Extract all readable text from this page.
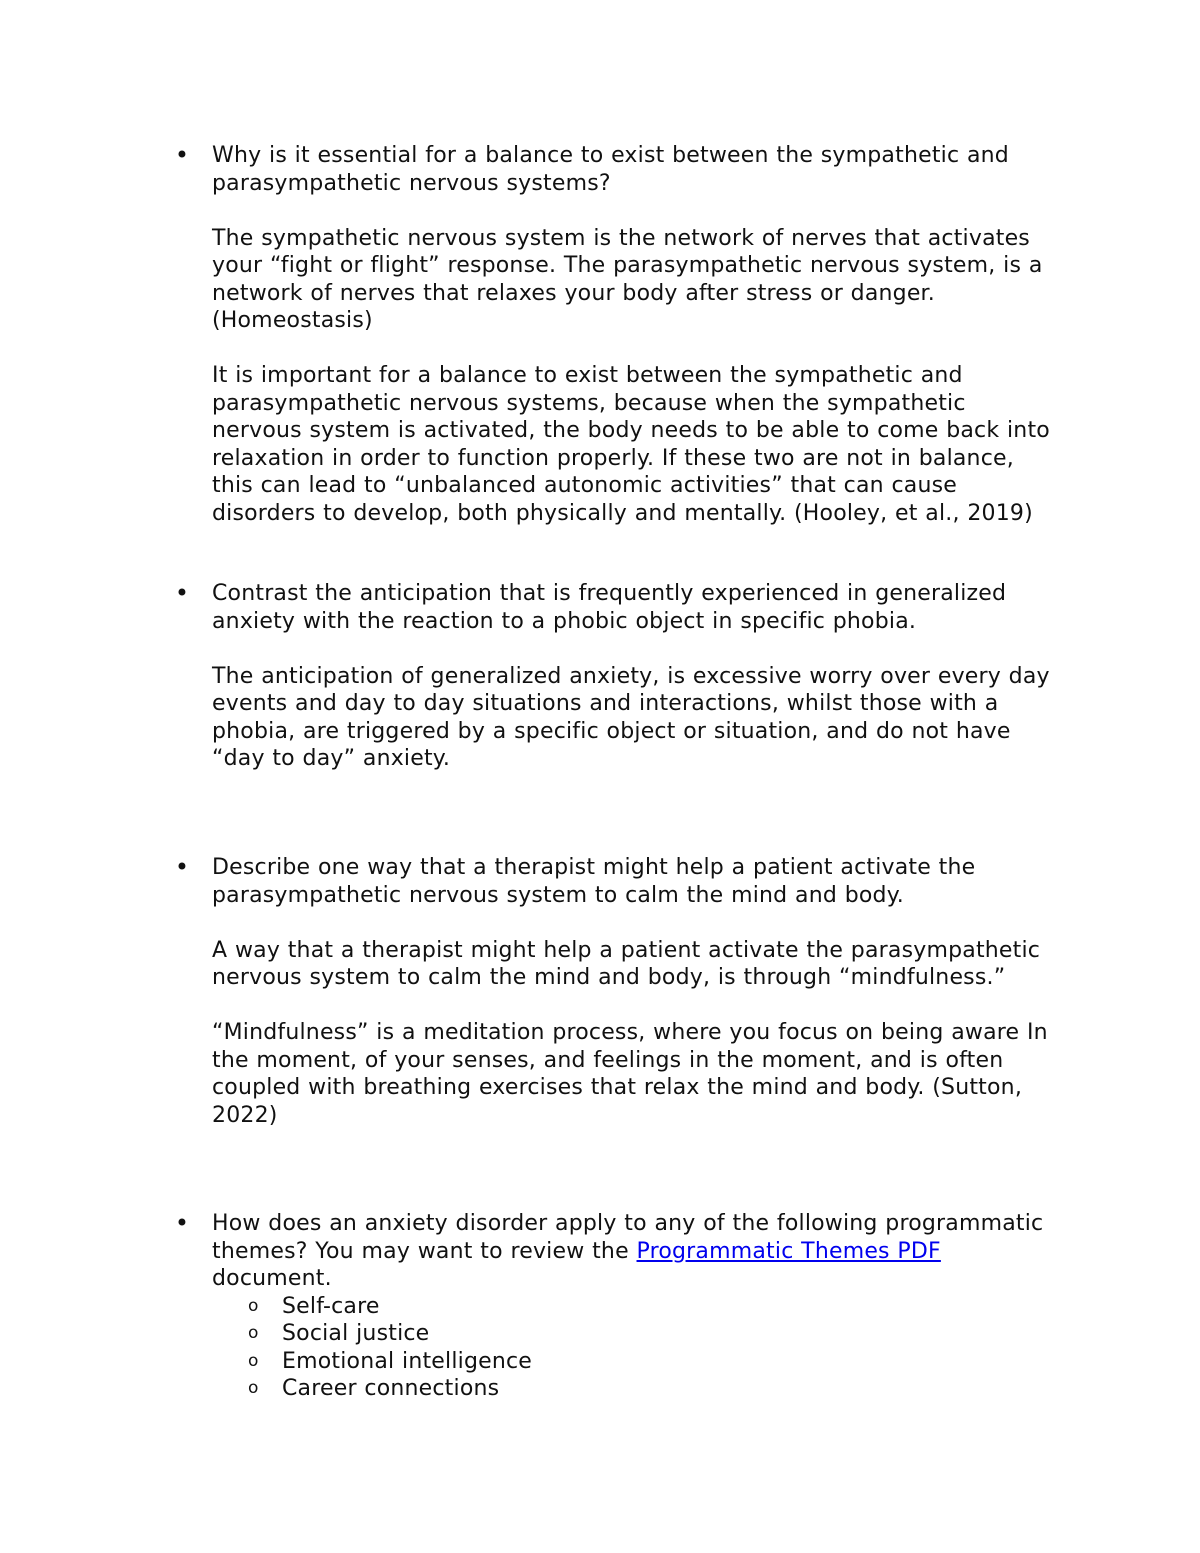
• Why is it essential for a balance to exist between the sympathetic and parasympathetic nervous systems?

The sympathetic nervous system is the network of nerves that activates your “fight or flight” response. The parasympathetic nervous system, is a network of nerves that relaxes your body after stress or danger. (Homeostasis)

It is important for a balance to exist between the sympathetic and parasympathetic nervous systems, because when the sympathetic nervous system is activated, the body needs to be able to come back into relaxation in order to function properly. If these two are not in balance, this can lead to “unbalanced autonomic activities” that can cause disorders to develop, both physically and mentally. (Hooley, et al., 2019)

• Contrast the anticipation that is frequently experienced in generalized anxiety with the reaction to a phobic object in specific phobia.

The anticipation of generalized anxiety, is excessive worry over every day events and day to day situations and interactions, whilst those with a phobia, are triggered by a specific object or situation, and do not have “day to day” anxiety.

• Describe one way that a therapist might help a patient activate the parasympathetic nervous system to calm the mind and body.

A way that a therapist might help a patient activate the parasympathetic nervous system to calm the mind and body, is through “mindfulness.”

“Mindfulness” is a meditation process, where you focus on being aware In the moment, of your senses, and feelings in the moment, and is often coupled with breathing exercises that relax the mind and body. (Sutton, 2022)

• How does an anxiety disorder apply to any of the following programmatic themes? You may want to review the Programmatic Themes PDF document.

o Self-care
o Social justice
o Emotional intelligence
o Career connections
